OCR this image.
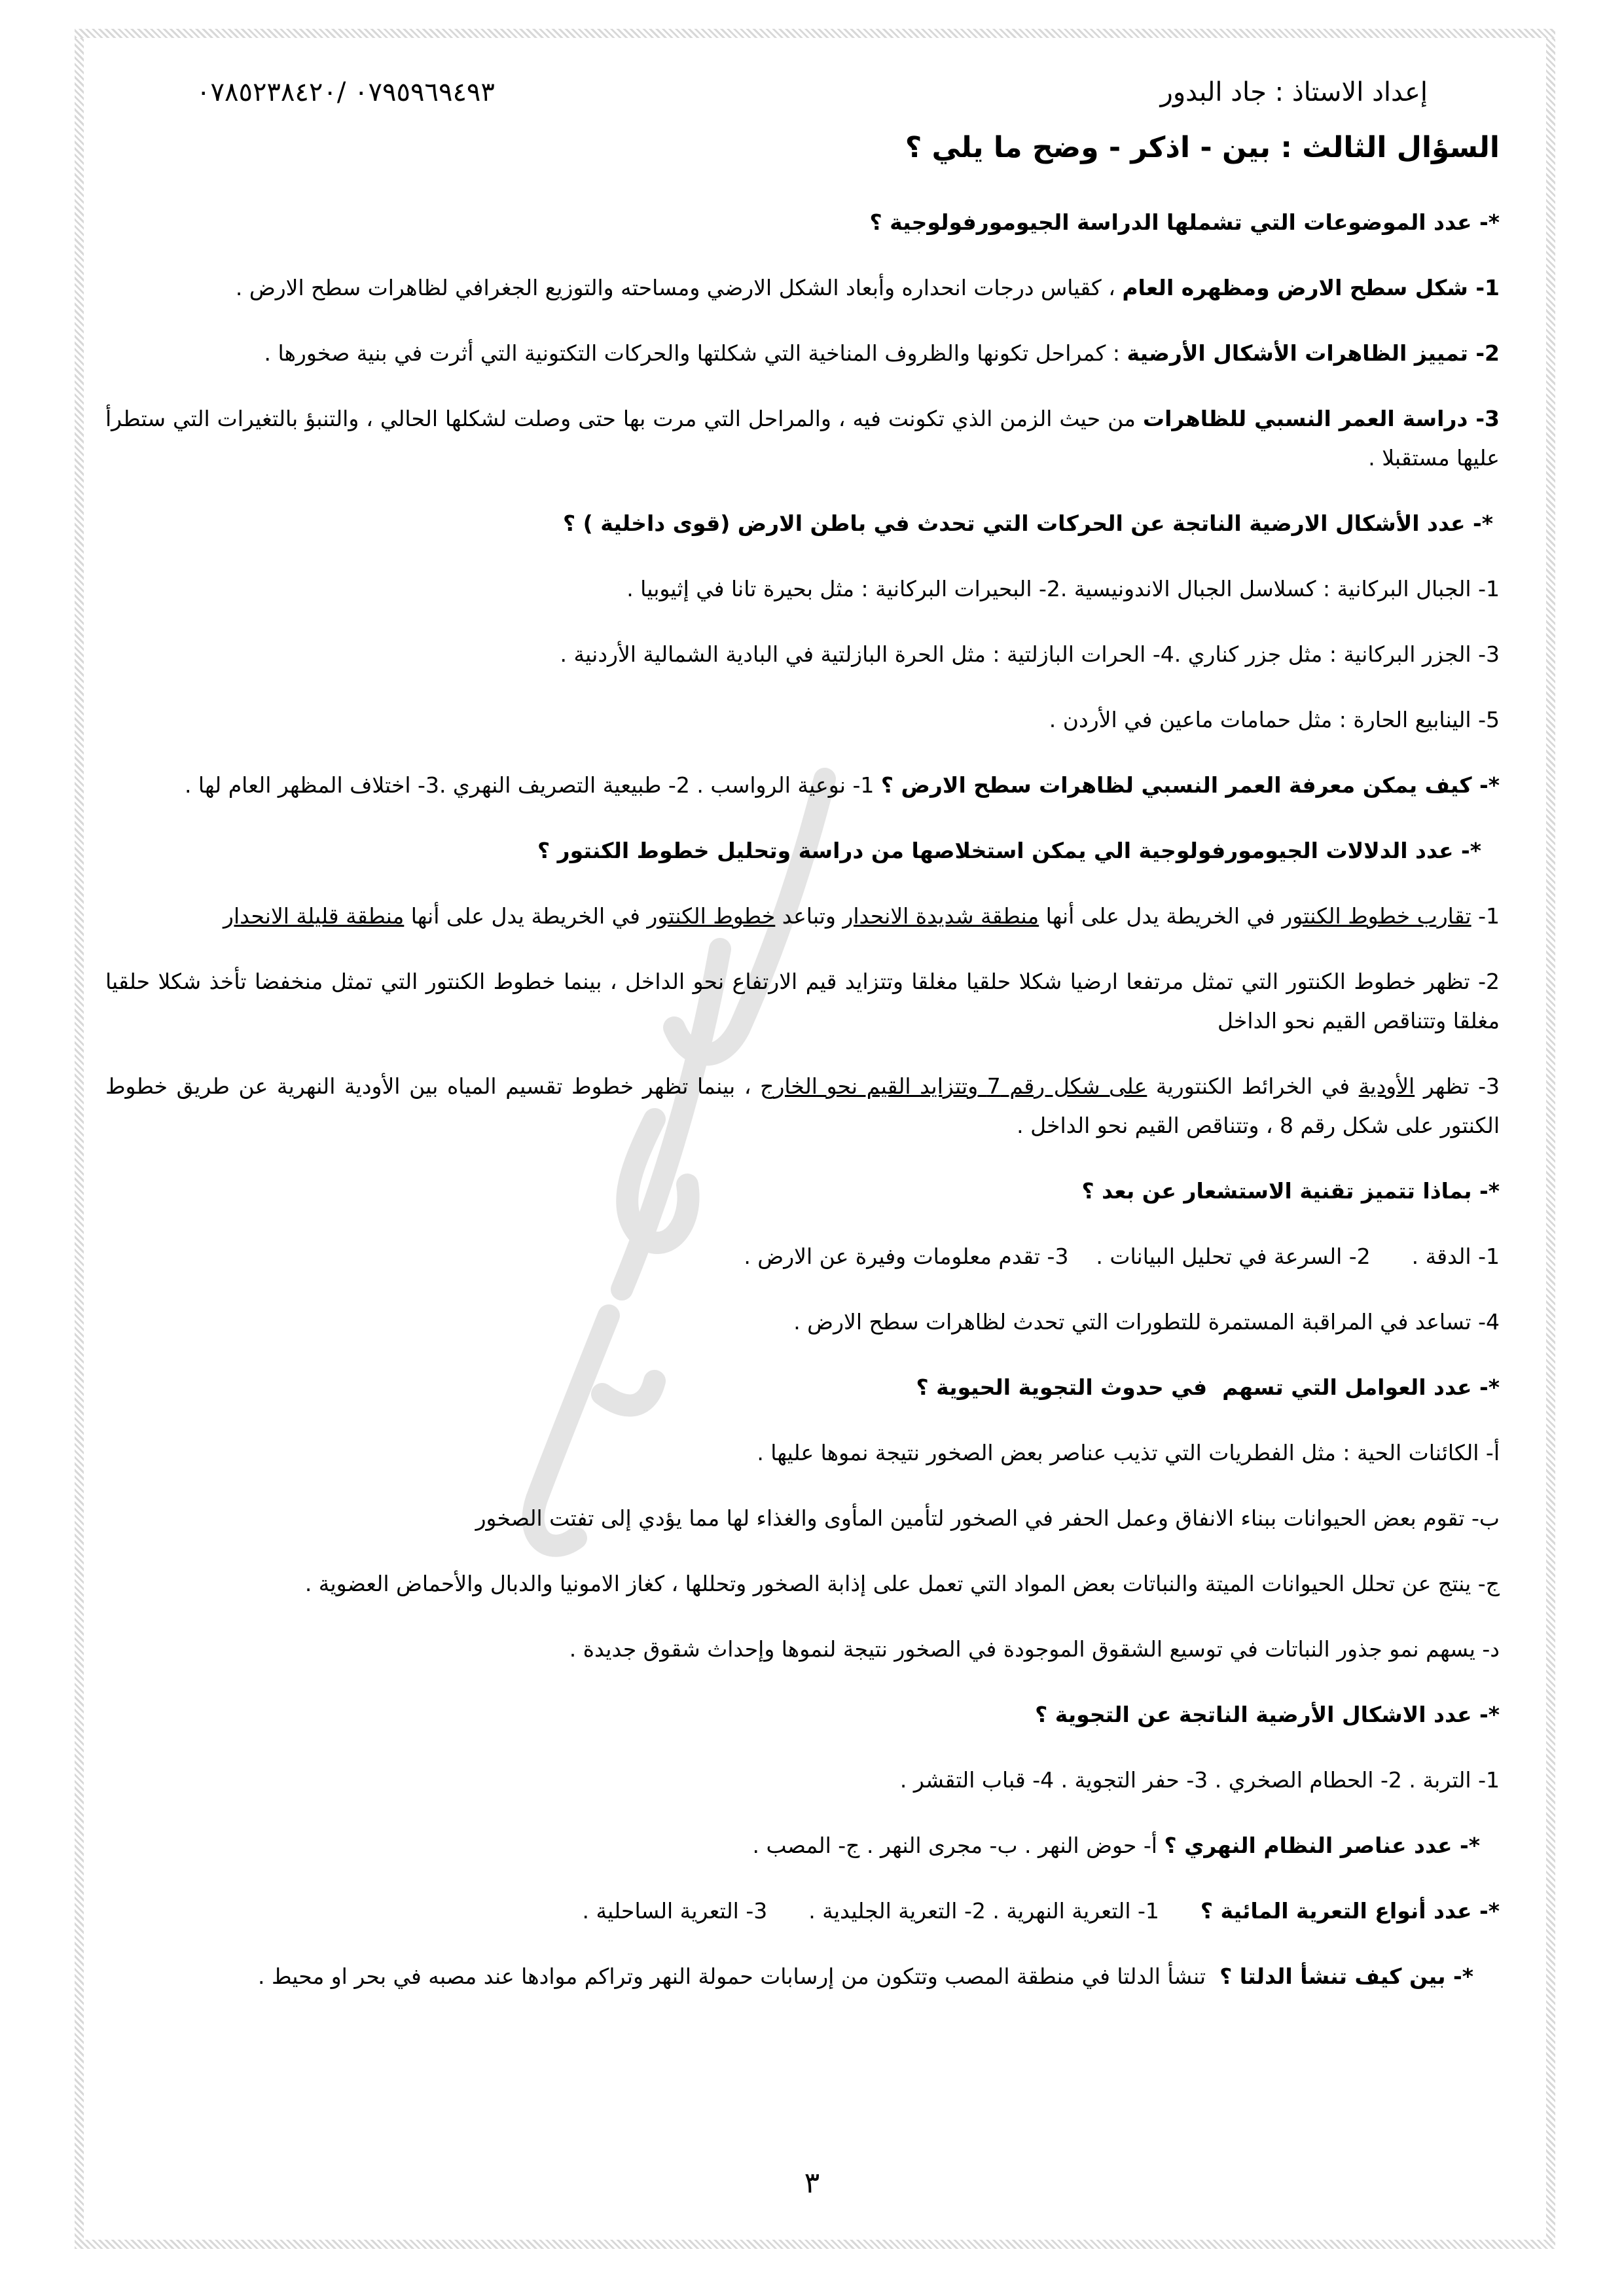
إعداد الاستاذ : جاد البدور
٠٧٩٥٩٦٩٤٩٣ /٠٧٨٥٢٣٨٤٢٠
السؤال الثالث : بين - اذكر - وضح ما يلي ؟
*- عدد الموضوعات التي تشملها الدراسة الجيومورفولوجية ؟
1- شكل سطح الارض ومظهره العام ، كقياس درجات انحداره وأبعاد الشكل الارضي ومساحته والتوزيع الجغرافي لظاهرات سطح الارض .
2- تمييز الظاهرات الأشكال الأرضية : كمراحل تكونها والظروف المناخية التي شكلتها والحركات التكتونية التي أثرت في بنية صخورها .
3- دراسة العمر النسبي للظاهرات من حيث الزمن الذي تكونت فيه ، والمراحل التي مرت بها حتى وصلت لشكلها الحالي ، والتنبؤ بالتغيرات التي ستطرأ عليها مستقبلا .
*- عدد الأشكال الارضية الناتجة عن الحركات التي تحدث في باطن الارض (قوى داخلية ) ؟
1- الجبال البركانية : كسلاسل الجبال الاندونيسية .2- البحيرات البركانية : مثل بحيرة تانا في إثيوبيا .
3- الجزر البركانية : مثل جزر كناري .4- الحرات البازلتية : مثل الحرة البازلتية في البادية الشمالية الأردنية .
5- الينابيع الحارة : مثل حمامات ماعين في الأردن .
*- كيف يمكن معرفة العمر النسبي لظاهرات سطح الارض ؟ 1- نوعية الرواسب . 2- طبيعية التصريف النهري .3- اختلاف المظهر العام لها .
*- عدد الدلالات الجيومورفولوجية الي يمكن استخلاصها من دراسة وتحليل خطوط الكنتور ؟
1- تقارب خطوط الكنتور في الخريطة يدل على أنها منطقة شديدة الانحدار وتباعد خطوط الكنتور في الخريطة يدل على أنها منطقة قليلة الانحدار
2- تظهر خطوط الكنتور التي تمثل مرتفعا ارضيا شكلا حلقيا مغلقا وتتزايد قيم الارتفاع نحو الداخل ، بينما خطوط الكنتور التي تمثل منخفضا تأخذ شكلا حلقيا مغلقا وتتناقص القيم نحو الداخل
3- تظهر الأودية في الخرائط الكنتورية على شكل رقم 7 وتتزايد القيم نحو الخارج ، بينما تظهر خطوط تقسيم المياه بين الأودية النهرية عن طريق خطوط الكنتور على شكل رقم 8 ، وتتناقص القيم نحو الداخل .
*- بماذا تتميز تقنية الاستشعار عن بعد ؟
1- الدقة .      2- السرعة في تحليل البيانات .    3- تقدم معلومات وفيرة عن الارض .
4- تساعد في المراقبة المستمرة للتطورات التي تحدث لظاهرات سطح الارض .
*- عدد العوامل التي تسهم  في حدوث التجوية الحيوية ؟
أ- الكائنات الحية : مثل الفطريات التي تذيب عناصر بعض الصخور نتيجة نموها عليها .
ب- تقوم بعض الحيوانات ببناء الانفاق وعمل الحفر في الصخور لتأمين المأوى والغذاء لها مما يؤدي إلى تفتت الصخور
ج- ينتج عن تحلل الحيوانات الميتة والنباتات بعض المواد التي تعمل على إذابة الصخور وتحللها ، كغاز الامونيا والدبال والأحماض العضوية .
د- يسهم نمو جذور النباتات في توسيع الشقوق الموجودة في الصخور نتيجة لنموها وإحداث شقوق جديدة .
*- عدد الاشكال الأرضية الناتجة عن التجوية ؟
1- التربة . 2- الحطام الصخري . 3- حفر التجوية . 4- قباب التقشر .
*- عدد عناصر النظام النهري ؟ أ- حوض النهر . ب- مجرى النهر . ج- المصب .
*- عدد أنواع التعرية المائية ؟      1- التعرية النهرية . 2- التعرية الجليدية .      3- التعرية الساحلية .
*- بين كيف تنشأ الدلتا ؟  تنشأ الدلتا في منطقة المصب وتتكون من إرسابات حمولة النهر وتراكم موادها عند مصبه في بحر او محيط .
٣
